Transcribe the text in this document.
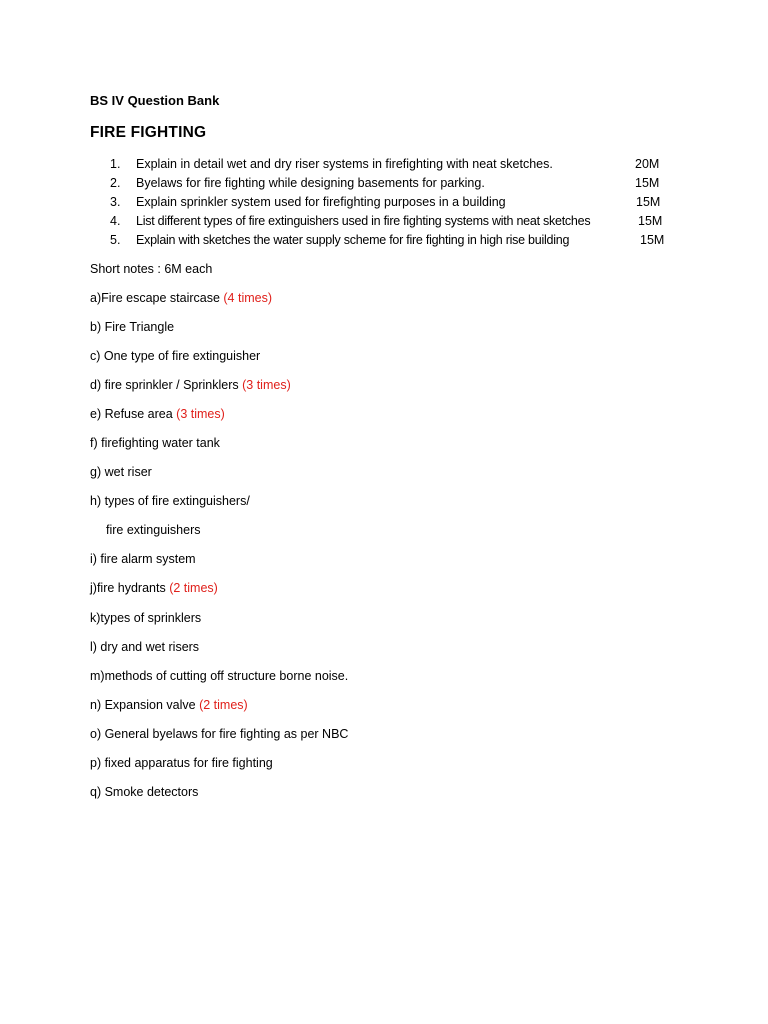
BS IV Question Bank
FIRE FIGHTING
1. Explain in detail wet and dry riser systems in firefighting with neat sketches.	20M
2. Byelaws for fire fighting while designing basements for parking.	15M
3. Explain sprinkler system used for firefighting purposes in a building	15M
4. List different types of fire extinguishers used in fire fighting systems with neat sketches	15M
5. Explain with sketches the water supply scheme for fire fighting in high rise building	15M
Short notes : 6M each
a)Fire escape staircase (4 times)
b) Fire Triangle
c) One type of fire extinguisher
d) fire sprinkler / Sprinklers (3 times)
e) Refuse area (3 times)
f) firefighting water tank
g) wet riser
h) types of fire extinguishers/
fire extinguishers
i) fire alarm system
j)fire hydrants (2 times)
k)types of sprinklers
l) dry and wet risers
m)methods of cutting off structure borne noise.
n) Expansion valve (2 times)
o) General byelaws for fire fighting as per NBC
p) fixed apparatus for fire fighting
q) Smoke detectors
